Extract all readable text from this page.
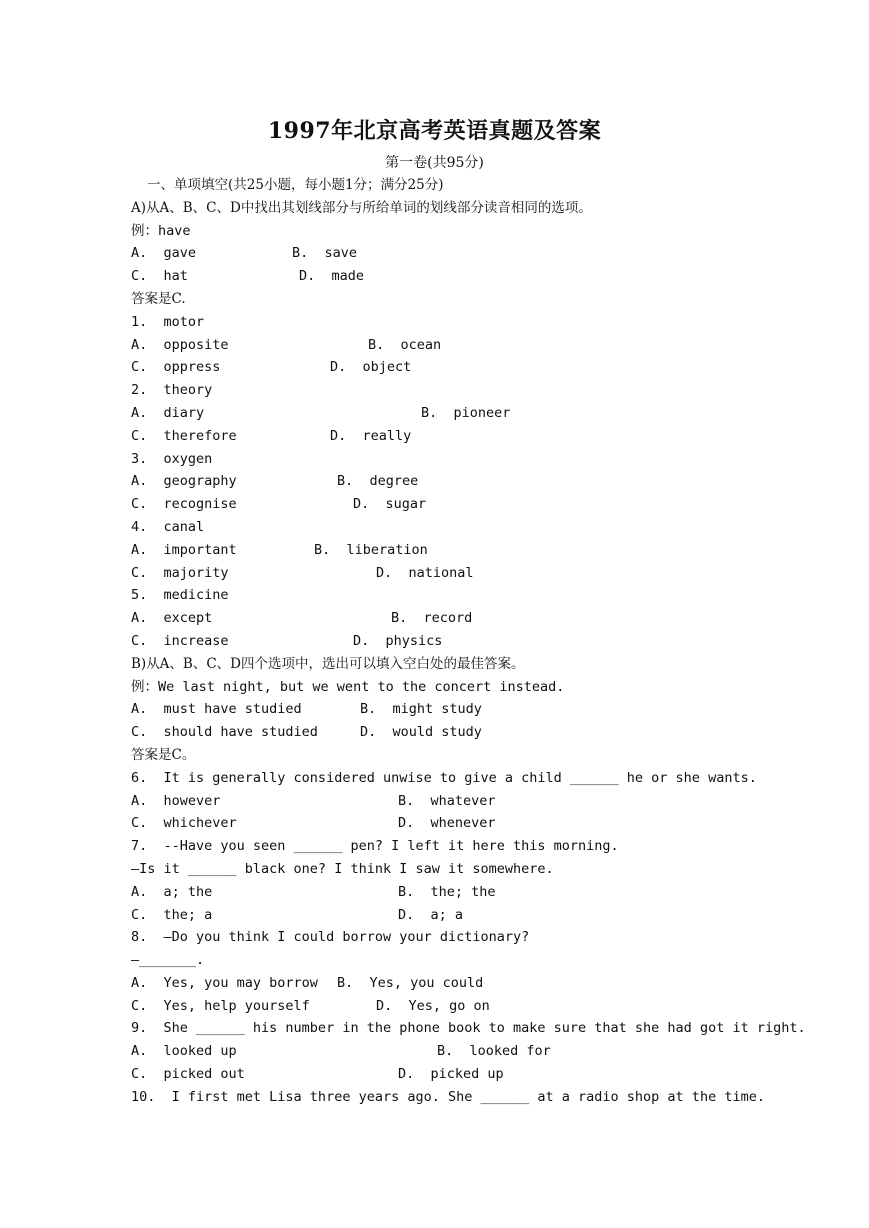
1997年北京高考英语真题及答案
第一卷(共95分)
一、单项填空(共25小题，每小题1分；满分25分)
A)从A、B、C、D中找出其划线部分与所给单词的划线部分读音相同的选项。
例：have
A.  gave	B.  save
C.  hat	D.  made
答案是C.
1.  motor
A.  opposite	B.  ocean
C.  oppress	D.  object
2.  theory
A.  diary	B.  pioneer
C.  therefore	D.  really
3.  oxygen
A.  geography	B.  degree
C.  recognise	D.  sugar
4.  canal
A.  important	B.  liberation
C.  majority	D.  national
5.  medicine
A.  except	B.  record
C.  increase	D.  physics
B)从A、B、C、D四个选项中，选出可以填入空白处的最佳答案。
例：We last night, but we went to the concert instead.
A.  must have studied	B.  might study
C.  should have studied	D.  would study
答案是C。
6.  It is generally considered unwise to give a child ______ he or she wants.
A.  however	B.  whatever
C.  whichever	D.  whenever
7.  --Have you seen ______ pen? I left it here this morning.
—Is it ______ black one? I think I saw it somewhere.
A.  a; the	B.  the; the
C.  the; a	D.  a; a
8.  —Do you think I could borrow your dictionary?
—_______.
A.  Yes, you may borrow B.  Yes, you could
C.  Yes, help yourself	D.  Yes, go on
9.  She ______ his number in the phone book to make sure that she had got it right.
A.  looked up	B.  looked for
C.  picked out	D.  picked up
10.  I first met Lisa three years ago. She ______ at a radio shop at the time.
